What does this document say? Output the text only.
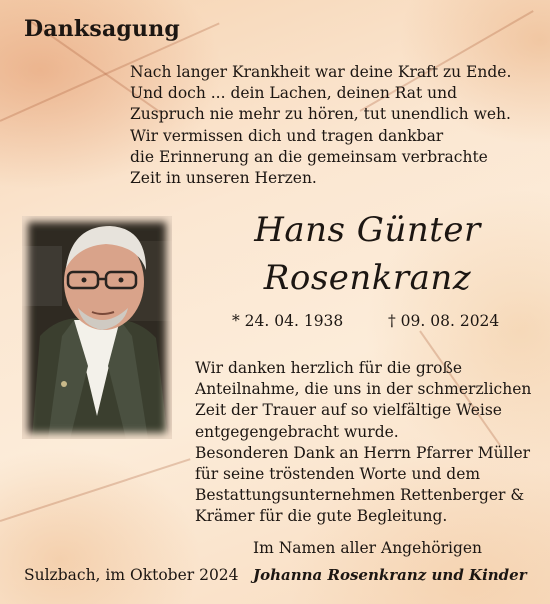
Danksagung
Nach langer Krankheit war deine Kraft zu Ende.
Und doch ... dein Lachen, deinen Rat und
Zuspruch nie mehr zu hören, tut unendlich weh.
Wir vermissen dich und tragen dankbar
die Erinnerung an die gemeinsam verbrachte
Zeit in unseren Herzen.
Hans Günter
Rosenkranz
* 24. 04. 1938	† 09. 08. 2024
Wir danken herzlich für die große
Anteilnahme, die uns in der schmerzlichen
Zeit der Trauer auf so vielfältige Weise
entgegengebracht wurde.
Besonderen Dank an Herrn Pfarrer Müller
für seine tröstenden Worte und dem
Bestattungsunternehmen Rettenberger &
Krämer für die gute Begleitung.
Im Namen aller Angehörigen
Sulzbach, im Oktober 2024 Johanna Rosenkranz und Kinder
